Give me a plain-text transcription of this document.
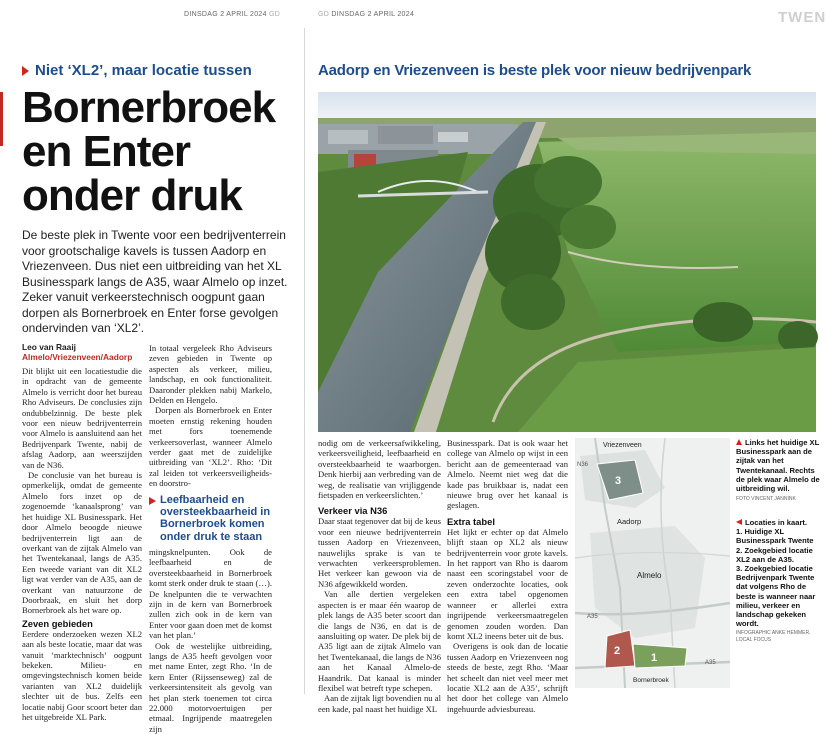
DINSDAG 2 APRIL 2024 GD
Niet ‘XL2’, maar locatie tussen
Bornerbroek
en Enter
onder druk
De beste plek in Twente voor een bedrijventerrein voor grootschalige kavels is tussen Aadorp en Vriezenveen. Dus niet een uitbreiding van het XL Businesspark langs de A35, waar Almelo op inzet. Zeker vanuit verkeerstechnisch oogpunt gaan dorpen als Bornerbroek en Enter forse gevolgen ondervinden van ‘XL2’.
Leo van Raaij
Almelo/Vriezenveen/Aadorp

Dit blijkt uit een locatiestudie die in opdracht van de gemeente Almelo is verricht door het bureau Rho Adviseurs. De conclusies zijn ondubbelzinnig. De beste plek voor een nieuw bedrijventerrein voor Almelo is aansluitend aan het Bedrijvenpark Twente, nabij de afslag Aadorp, aan weerszijden van de N36.

De conclusie van het bureau is opmerkelijk, omdat de gemeente Almelo fors inzet op de zogenoemde ‘kanaalsprong’ van het huidige XL Businesspark. Het door Almelo beoogde nieuwe bedrijventerrein ligt aan de overkant van de zijtak Almelo van het Twentekanaal, langs de A35. Een tweede variant van dit XL2 ligt wat verder van de A35, aan de overkant van natuurzone de Doorbraak, en sluit het dorp Bornerbroek als het ware op.

Zeven gebieden

Eerdere onderzoeken wezen XL2 aan als beste locatie, maar dat was vanuit ‘marktechnisch’ oogpunt bekeken. Milieu- en omgevingstechnisch komen beide varianten van XL2 duidelijk slechter uit de bus. Zelfs een locatie nabij Goor scoort beter dan het uitgebreide XL Park.

In totaal vergeleek Rho Adviseurs zeven gebieden in Twente op aspecten als verkeer, milieu, landschap, en ook functionaliteit. Daaronder plekken nabij Markelo, Delden en Hengelo.

Dorpen als Bornerbroek en Enter moeten ernstig rekening houden met fors toenemende verkeersoverlast, wanneer Almelo verder gaat met de zuidelijke uitbreiding van ‘XL2’. Rho: ‘Dit zal leiden tot verkeersveiligheids- en doorstro-

Leefbaarheid en oversteekbaarheid in Bornerbroek komen onder druk te staan

mingsknelpunten. Ook de leefbaarheid en de oversteekbaarheid in Bornerbroek komt sterk onder druk te staan (…). De knelpunten die te verwachten zijn in de kern van Bornerbroek zullen zich ook in de kern van Enter voor gaan doen met de komst van het plan.’

Ook de westelijke uitbreiding, langs de A35 heeft gevolgen voor met name Enter, zegt Rho. ‘In de kern Enter (Rijssenseweg) zal de verkeersintensiteit als gevolg van het plan sterk toenemen tot circa 22.000 motorvoertuigen per etmaal. Ingrijpende maatregelen zijn

GD DINSDAG 2 APRIL 2024	TWEN
Aadorp en Vriezenveen is beste plek voor nieuw bedrijvenpark

nodig om de verkeersafwikkeling, verkeersveiligheid, leefbaarheid en oversteekbaarheid te waarborgen. Denk hierbij aan verbreding van de weg, de realisatie van vrijliggende fietspaden en verkeerslichten.’

Verkeer via N36

Daar staat tegenover dat bij de keus voor een nieuwe bedrijventerrein tussen Aadorp en Vriezenveen, nauwelijks sprake is van te verwachten verkeersproblemen. Het verkeer kan gewoon via de N36 afgewikkeld worden.

Van alle dertien vergeleken aspecten is er maar één waarop de plek langs de A35 beter scoort dan die langs de N36, en dat is de aansluiting op water. De plek bij de A35 ligt aan de zijtak Almelo van het Twentekanaal, die langs de N36 aan het Kanaal Almelo-de Haandrik. Dat kanaal is minder flexibel wat betreft type schepen.

Aan de zijtak ligt bovendien nu al een kade, pal naast het huidige XL

Businesspark. Dat is ook waar het college van Almelo op wijst in een bericht aan de gemeenteraad van Almelo. Neemt niet weg dat die kade pas bruikbaar is, nadat een nieuwe brug over het kanaal is geslagen.

Extra tabel

Het lijkt er echter op dat Almelo blijft staan op XL2 als nieuw bedrijventerrein voor grote kavels. In het rapport van Rho is daarom naast een scoringstabel voor de zeven onderzochte locaties, ook een extra tabel opgenomen wanneer er allerlei extra ingrijpende verkeersmaatregelen genomen zouden worden. Dan komt XL2 ineens beter uit de bus.

Overigens is ook dan de locatie tussen Aadorp en Vriezenveen nog steeds de beste, zegt Rho. ‘Maar het scheelt dan niet veel meer met locatie XL2 aan de A35’, schrijft het door het college van Almelo ingehuurde adviesbureau.

Vriezenveen
Aadorp
Almelo
Bornerbroek
A35
A35
N36
3
2
1
Links het huidige XL Businesspark aan de zijtak van het Twentekanaal. Rechts de plek waar Almelo de uitbreiding wil.
FOTO VINCENT JANNINK
Locaties in kaart.
1. Huidige XL Businesspark Twente
2. Zoekgebied locatie XL2 aan de A35.
3. Zoekgebied locatie Bedrijvenpark Twente dat volgens Rho de beste is wanneer naar milieu, verkeer en landschap gekeken wordt.
INFOGRAPHIC ANKE HEMMER, LOCAL FOCUS
